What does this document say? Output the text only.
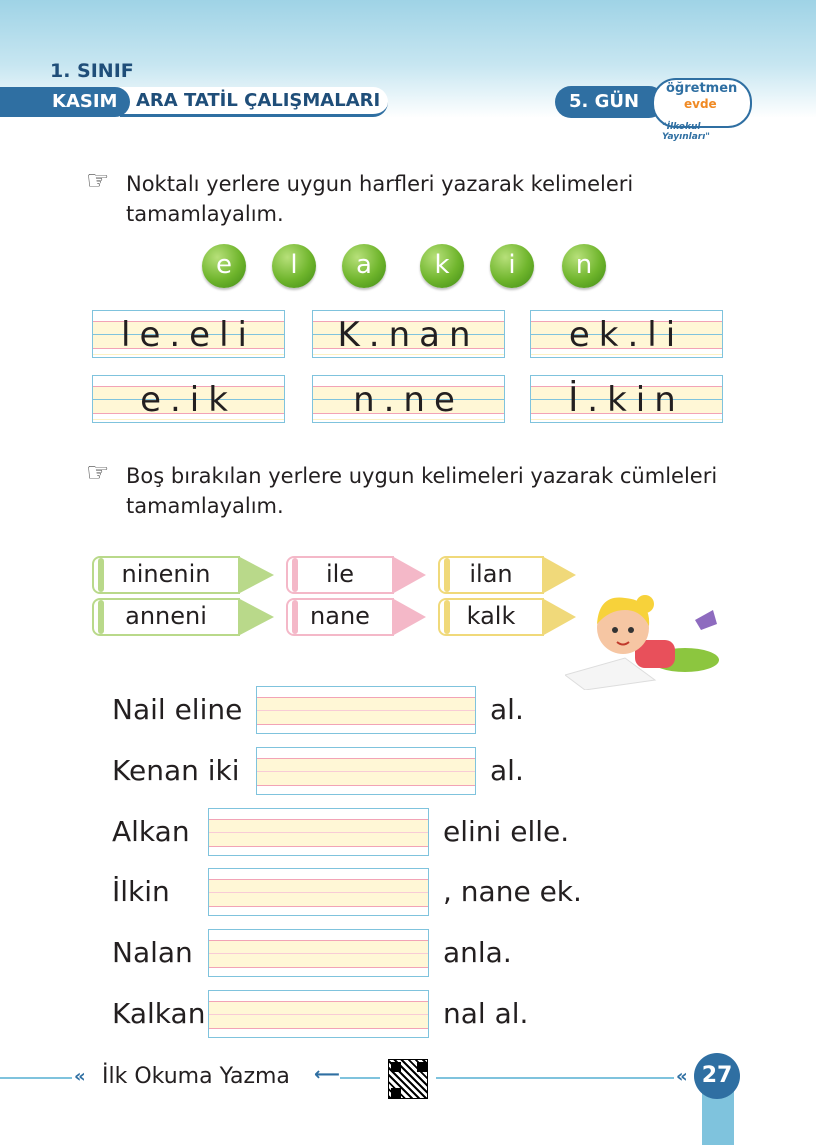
1. SINIF
ARA TATİL ÇALIŞMALARI
KASIM	5. GÜN
öğretmen
evde
"İlkokul Yayınları"
☞ Noktalı yerlere uygun harfleri yazarak kelimeleri
tamamlayalım.
e	l	a	k	i	n
le.eli	K.nan	ek.li
e.ik	n.ne	İ.kin
☞ Boş bırakılan yerlere uygun kelimeleri yazarak cümleleri
tamamlayalım.
ninenin	ile	ilan
anneni	nane	kalk
Nail eline	al.
Kenan iki	al.
Alkan	elini elle.
İlkin	, nane ek.
Nalan	anla.
Kalkan	nal al.
« İlk Okuma Yazma ⟵	« 27
